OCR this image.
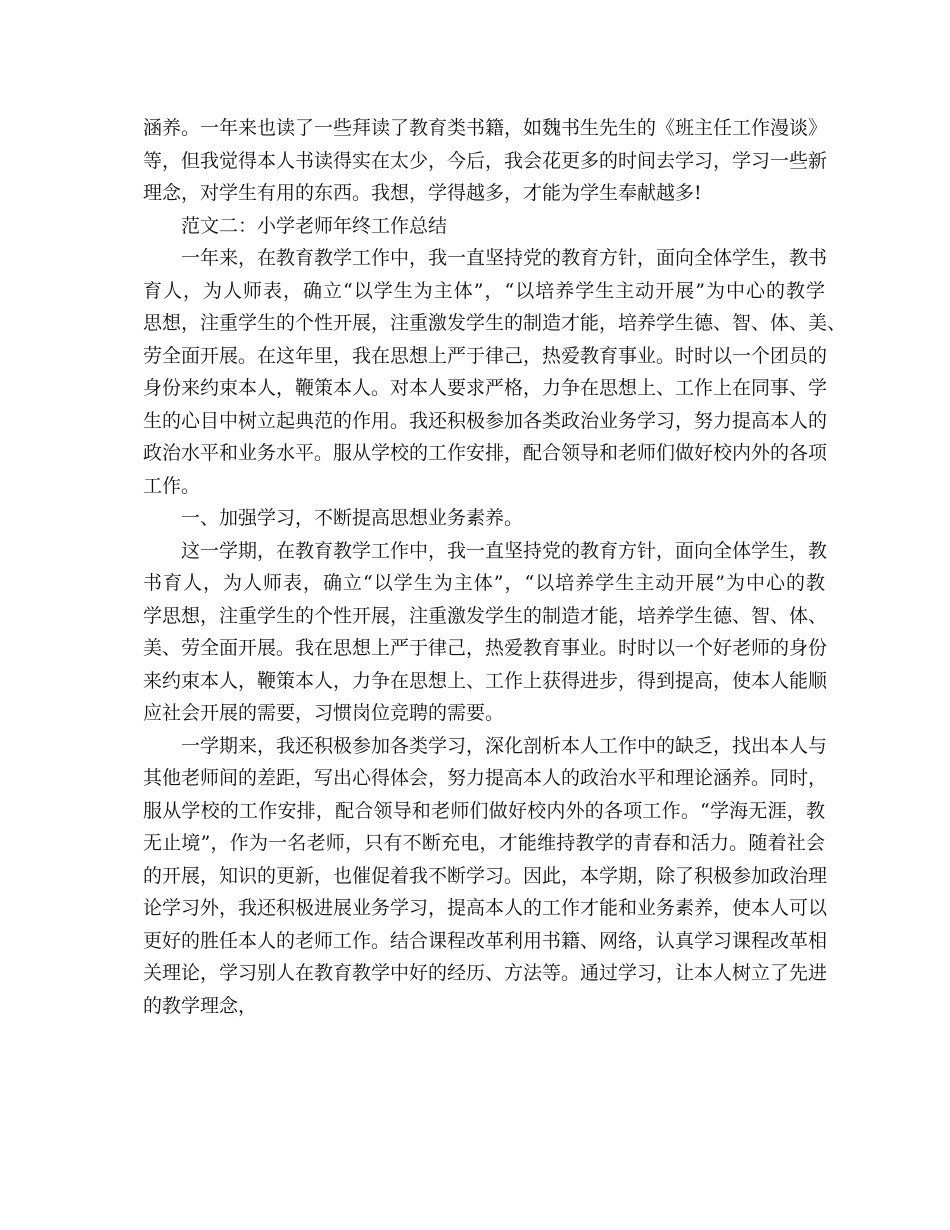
涵养。一年来也读了一些拜读了教育类书籍，如魏书生先生的《班主任工作漫谈》
等，但我觉得本人书读得实在太少，今后，我会花更多的时间去学习，学习一些新
理念，对学生有用的东西。我想，学得越多，才能为学生奉献越多!
范文二：小学老师年终工作总结
一年来，在教育教学工作中，我一直坚持党的教育方针，面向全体学生，教书
育人，为人师表，确立“以学生为主体”，“以培养学生主动开展”为中心的教学
思想，注重学生的个性开展，注重激发学生的制造才能，培养学生德、智、体、美、
劳全面开展。在这年里，我在思想上严于律己，热爱教育事业。时时以一个团员的
身份来约束本人，鞭策本人。对本人要求严格，力争在思想上、工作上在同事、学
生的心目中树立起典范的作用。我还积极参加各类政治业务学习，努力提高本人的
政治水平和业务水平。服从学校的工作安排，配合领导和老师们做好校内外的各项
工作。
一、加强学习，不断提高思想业务素养。
这一学期，在教育教学工作中，我一直坚持党的教育方针，面向全体学生，教
书育人，为人师表，确立“以学生为主体”，“以培养学生主动开展”为中心的教
学思想，注重学生的个性开展，注重激发学生的制造才能，培养学生德、智、体、
美、劳全面开展。我在思想上严于律己，热爱教育事业。时时以一个好老师的身份
来约束本人，鞭策本人，力争在思想上、工作上获得进步，得到提高，使本人能顺
应社会开展的需要，习惯岗位竞聘的需要。
一学期来，我还积极参加各类学习，深化剖析本人工作中的缺乏，找出本人与
其他老师间的差距，写出心得体会，努力提高本人的政治水平和理论涵养。同时，
服从学校的工作安排，配合领导和老师们做好校内外的各项工作。“学海无涯，教
无止境”，作为一名老师，只有不断充电，才能维持教学的青春和活力。随着社会
的开展，知识的更新，也催促着我不断学习。因此，本学期，除了积极参加政治理
论学习外，我还积极进展业务学习，提高本人的工作才能和业务素养，使本人可以
更好的胜任本人的老师工作。结合课程改革利用书籍、网络，认真学习课程改革相
关理论，学习别人在教育教学中好的经历、方法等。通过学习，让本人树立了先进
的教学理念，
